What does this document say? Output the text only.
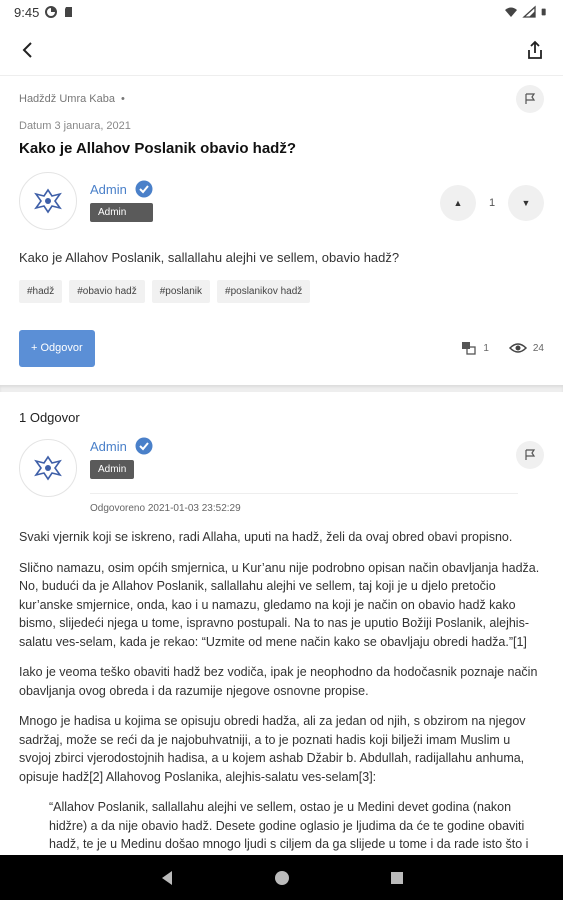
9:45
Hadždž Umra Kaba •
Datum 3 januara, 2021
Kako je Allahov Poslanik obavio hadž?
Admin
Admin
▲ 1	▼
Kako je Allahov Poslanik, sallallahu alejhi ve sellem, obavio hadž?
#hadž	#obavio hadž	#poslanik	#poslanikov hadž
+ Odgovor	1	24
1 Odgovor
Admin
Admin
Odgovoreno 2021-01-03 23:52:29

Svaki vjernik koji se iskreno, radi Allaha, uputi na hadž, želi da ovaj obred obavi propisno.

Slično namazu, osim općih smjernica, u Kur’anu nije podrobno opisan način obavljanja hadža. No, budući da je Allahov Poslanik, sallallahu alejhi ve sellem, taj koji je u djelo pretočio kur’anske smjernice, onda, kao i u namazu, gledamo na koji je način on obavio hadž kako bismo, slijedeći njega u tome, ispravno postupali. Na to nas je uputio Božiji Poslanik, alejhis-salatu ves-selam, kada je rekao: “Uzmite od mene način kako se obavljaju obredi hadža.”[1]

Iako je veoma teško obaviti hadž bez vodiča, ipak je neophodno da hodočasnik poznaje način obavljanja ovog obreda i da razumije njegove osnovne propise.

Mnogo je hadisa u kojima se opisuju obredi hadža, ali za jedan od njih, s obzirom na njegov sadržaj, može se reći da je najobuhvatniji, a to je poznati hadis koji bilježi imam Muslim u svojoj zbirci vjerodostojnih hadisa, a u kojem ashab Džabir b. Abdullah, radijallahu anhuma, opisuje hadž[2] Allahovog Poslanika, alejhis-salatu ves-selam[3]:

“Allahov Poslanik, sallallahu alejhi ve sellem, ostao je u Medini devet godina (nakon hidžre) a da nije obavio hadž. Desete godine oglasio je ljudima da će te godine obaviti hadž, te je u Medinu došao mnogo ljudi s ciljem da ga slijede u tome i da rade isto što i
